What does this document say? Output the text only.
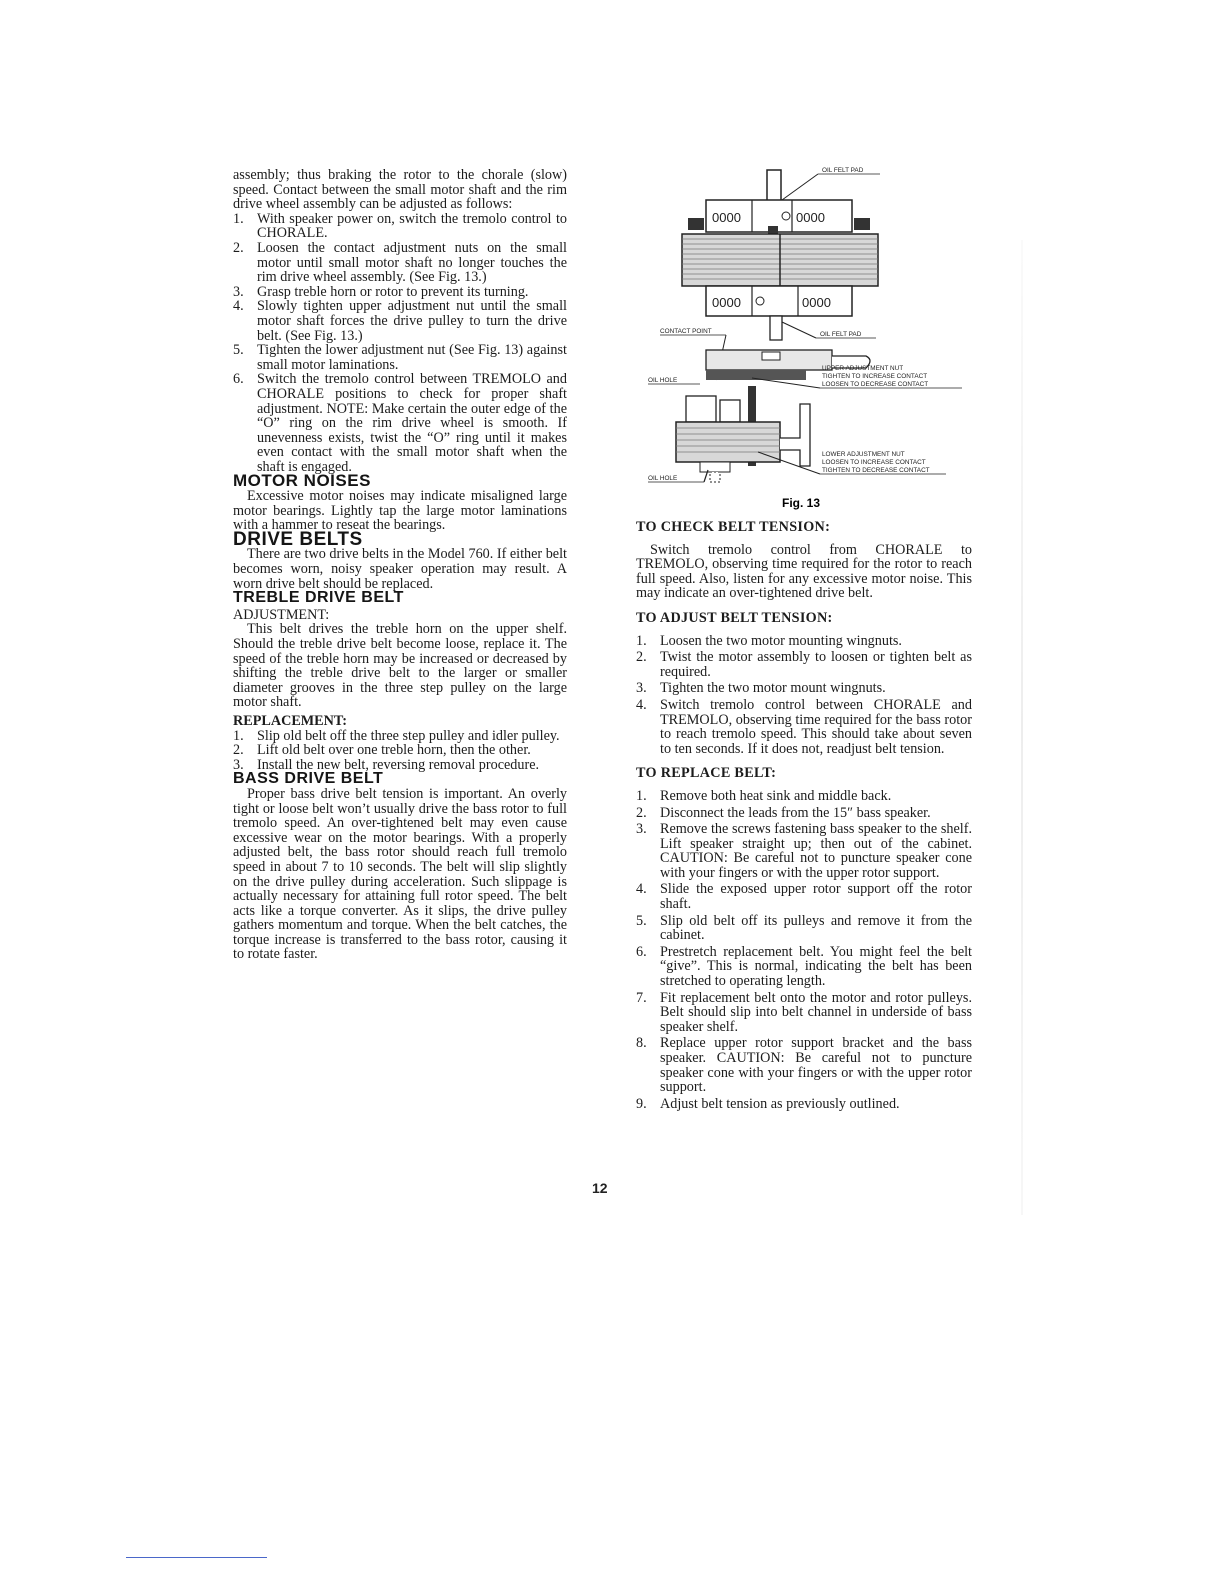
assembly; thus braking the rotor to the chorale (slow) speed. Contact between the small motor shaft and the rim drive wheel assembly can be adjusted as follows:

1. With speaker power on, switch the tremolo control to CHORALE.
2. Loosen the contact adjustment nuts on the small motor until small motor shaft no longer touches the rim drive wheel assembly. (See Fig. 13.)
3. Grasp treble horn or rotor to prevent its turning.
4. Slowly tighten upper adjustment nut until the small motor shaft forces the drive pulley to turn the drive belt. (See Fig. 13.)
5. Tighten the lower adjustment nut (See Fig. 13) against small motor laminations.
6. Switch the tremolo control between TREMOLO and CHORALE positions to check for proper shaft adjustment. NOTE: Make certain the outer edge of the “O” ring on the rim drive wheel is smooth. If unevenness exists, twist the “O” ring until it makes even contact with the small motor shaft when the shaft is engaged.
MOTOR NOISES

Excessive motor noises may indicate misaligned large motor bearings. Lightly tap the large motor laminations with a hammer to reseat the bearings.

DRIVE BELTS

There are two drive belts in the Model 760. If either belt becomes worn, noisy speaker operation may result. A worn drive belt should be replaced.

TREBLE DRIVE BELT
ADJUSTMENT:

This belt drives the treble horn on the upper shelf. Should the treble drive belt become loose, replace it. The speed of the treble horn may be increased or decreased by shifting the treble drive belt to the larger or smaller diameter grooves in the three step pulley on the large motor shaft.

REPLACEMENT:
1. Slip old belt off the three step pulley and idler pulley.
2. Lift old belt over one treble horn, then the other.
3. Install the new belt, reversing removal procedure.
BASS DRIVE BELT

Proper bass drive belt tension is important. An overly tight or loose belt won’t usually drive the bass rotor to full tremolo speed. An over-tightened belt may even cause excessive wear on the motor bearings. With a properly adjusted belt, the bass rotor should reach full tremolo speed in about 7 to 10 seconds. The belt will slip slightly on the drive pulley during acceleration. Such slippage is actually necessary for attaining full rotor speed. The belt acts like a torque converter. As it slips, the drive pulley gathers momentum and torque. When the belt catches, the torque increase is transferred to the bass rotor, causing it to rotate faster.

OIL FELT PAD
0000	0000
0000	0000
OIL FELT PAD
CONTACT POINT
UPPER ADJUSTMENT NUT
TIGHTEN TO INCREASE CONTACT
LOOSEN TO DECREASE CONTACT
OIL HOLE
LOWER ADJUSTMENT NUT
LOOSEN TO INCREASE CONTACT
TIGHTEN TO DECREASE CONTACT
OIL HOLE
Fig. 13
TO CHECK BELT TENSION:

Switch tremolo control from CHORALE to TREMOLO, observing time required for the rotor to reach full speed. Also, listen for any excessive motor noise. This may indicate an over-tightened drive belt.

TO ADJUST BELT TENSION:
1. Loosen the two motor mounting wingnuts.
2. Twist the motor assembly to loosen or tighten belt as required.
3. Tighten the two motor mount wingnuts.
4. Switch tremolo control between CHORALE and TREMOLO, observing time required for the bass rotor to reach tremolo speed. This should take about seven to ten seconds. If it does not, readjust belt tension.
TO REPLACE BELT:
1. Remove both heat sink and middle back.
2. Disconnect the leads from the 15″ bass speaker.
3. Remove the screws fastening bass speaker to the shelf. Lift speaker straight up; then out of the cabinet. CAUTION: Be careful not to puncture speaker cone with your fingers or with the upper rotor support.
4. Slide the exposed upper rotor support off the rotor shaft.
5. Slip old belt off its pulleys and remove it from the cabinet.
6. Prestretch replacement belt. You might feel the belt “give”. This is normal, indicating the belt has been stretched to operating length.
7. Fit replacement belt onto the motor and rotor pulleys. Belt should slip into belt channel in underside of bass speaker shelf.
8. Replace upper rotor support bracket and the bass speaker. CAUTION: Be careful not to puncture speaker cone with your fingers or with the upper rotor support.
9. Adjust belt tension as previously outlined.
12
